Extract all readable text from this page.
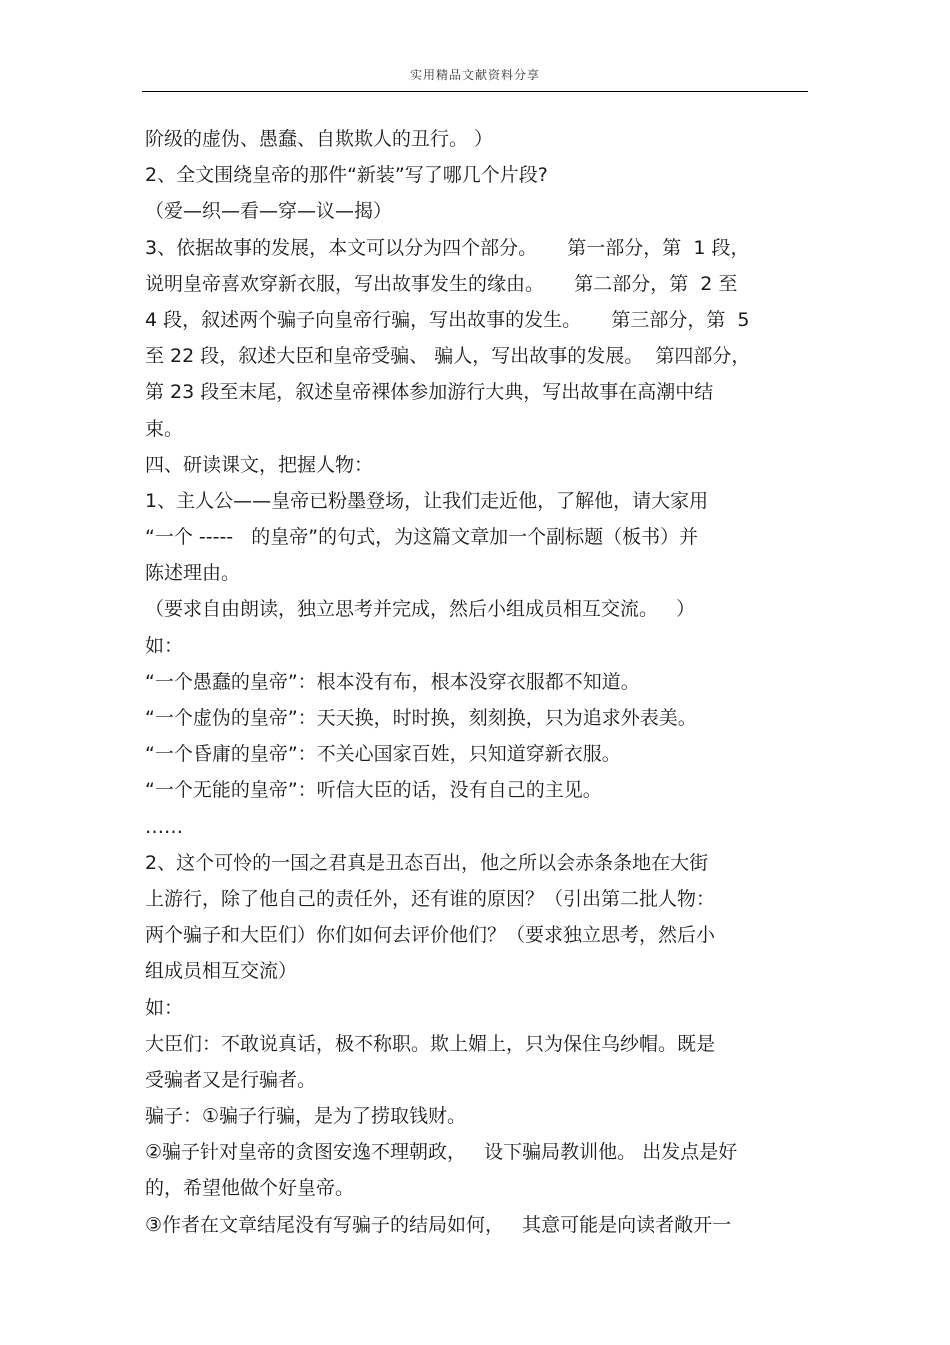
实用精品文献资料分享
阶级的虚伪、愚蠢、自欺欺人的丑行。 ）
2、全文围绕皇帝的那件“新装”写了哪几个片段?
（爱—织—看—穿—议—揭）
3、依据故事的发展，本文可以分为四个部分。     第一部分，第  1 段，
说明皇帝喜欢穿新衣服，写出故事发生的缘由。     第二部分，第  2 至
4 段，叙述两个骗子向皇帝行骗，写出故事的发生。     第三部分，第  5
至 22 段，叙述大臣和皇帝受骗、 骗人，写出故事的发展。  第四部分，
第 23 段至末尾，叙述皇帝裸体参加游行大典，写出故事在高潮中结
束。
四、研读课文，把握人物：
1、主人公——皇帝已粉墨登场，让我们走近他，了解他，请大家用
“一个 -----   的皇帝”的句式，为这篇文章加一个副标题（板书）并
陈述理由。
（要求自由朗读，独立思考并完成，然后小组成员相互交流。   ）
如：
“一个愚蠢的皇帝”：根本没有布，根本没穿衣服都不知道。
“一个虚伪的皇帝”：天天换，时时换，刻刻换，只为追求外表美。
“一个昏庸的皇帝”：不关心国家百姓，只知道穿新衣服。
“一个无能的皇帝”：听信大臣的话，没有自己的主见。
……
2、这个可怜的一国之君真是丑态百出，他之所以会赤条条地在大街
上游行，除了他自己的责任外，还有谁的原因？（引出第二批人物：
两个骗子和大臣们）你们如何去评价他们？（要求独立思考，然后小
组成员相互交流）
如：
大臣们：不敢说真话，极不称职。欺上媚上，只为保住乌纱帽。既是
受骗者又是行骗者。
骗子：①骗子行骗，是为了捞取钱财。
②骗子针对皇帝的贪图安逸不理朝政，   设下骗局教训他。 出发点是好
的，希望他做个好皇帝。
③作者在文章结尾没有写骗子的结局如何，   其意可能是向读者敞开一
